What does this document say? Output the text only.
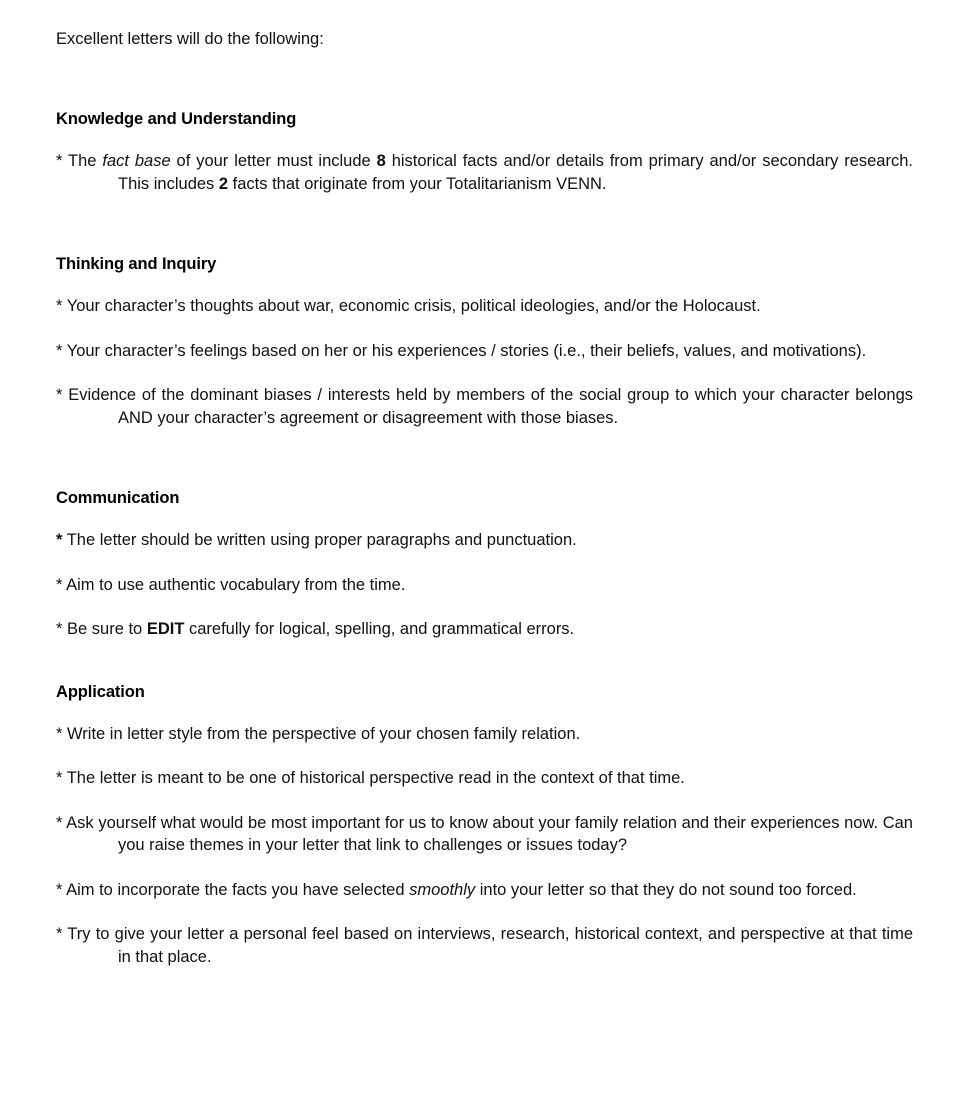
Excellent letters will do the following:

Knowledge and Understanding

* The fact base of your letter must include 8 historical facts and/or details from primary and/or secondary research. This includes 2 facts that originate from your Totalitarianism VENN.

Thinking and Inquiry

* Your character’s thoughts about war, economic crisis, political ideologies, and/or the Holocaust.

* Your character’s feelings based on her or his experiences / stories (i.e., their beliefs, values, and motivations).

* Evidence of the dominant biases / interests held by members of the social group to which your character belongs AND your character’s agreement or disagreement with those biases.

Communication

* The letter should be written using proper paragraphs and punctuation.

* Aim to use authentic vocabulary from the time.

* Be sure to EDIT carefully for logical, spelling, and grammatical errors.

Application

* Write in letter style from the perspective of your chosen family relation.

* The letter is meant to be one of historical perspective read in the context of that time.

* Ask yourself what would be most important for us to know about your family relation and their experiences now. Can you raise themes in your letter that link to challenges or issues today?

* Aim to incorporate the facts you have selected smoothly into your letter so that they do not sound too forced.

* Try to give your letter a personal feel based on interviews, research, historical context, and perspective at that time in that place.
